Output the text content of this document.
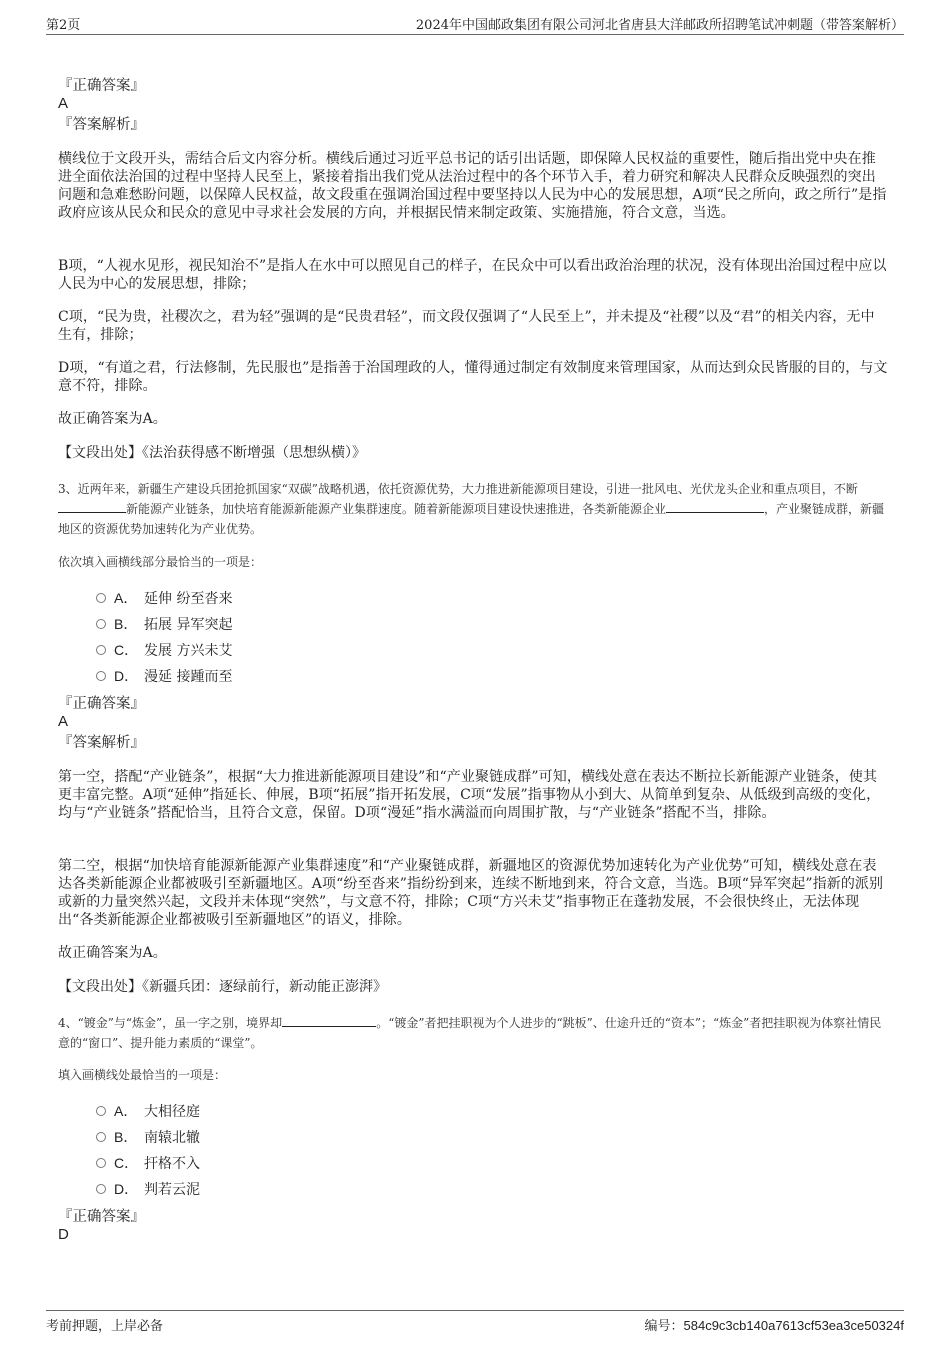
第2页	2024年中国邮政集团有限公司河北省唐县大洋邮政所招聘笔试冲刺题（带答案解析）
『正确答案』
A
『答案解析』
横线位于文段开头，需结合后文内容分析。横线后通过习近平总书记的话引出话题，即保障人民权益的重要性，随后指出党中央在推进全面依法治国的过程中坚持人民至上，紧接着指出我们党从法治过程中的各个环节入手，着力研究和解决人民群众反映强烈的突出问题和急难愁盼问题，以保障人民权益，故文段重在强调治国过程中要坚持以人民为中心的发展思想，A项“民之所向，政之所行”是指政府应该从民众和民众的意见中寻求社会发展的方向，并根据民情来制定政策、实施措施，符合文意，当选。
B项，“人视水见形，视民知治不”是指人在水中可以照见自己的样子，在民众中可以看出政治治理的状况，没有体现出治国过程中应以人民为中心的发展思想，排除；
C项，“民为贵，社稷次之，君为轻”强调的是“民贵君轻”，而文段仅强调了“人民至上”，并未提及“社稷”以及“君”的相关内容，无中生有，排除；
D项，“有道之君，行法修制，先民服也”是指善于治国理政的人，懂得通过制定有效制度来管理国家，从而达到众民皆服的目的，与文意不符，排除。
故正确答案为A。
【文段出处】《法治获得感不断增强（思想纵横）》
3、近两年来，新疆生产建设兵团抢抓国家“双碳”战略机遇，依托资源优势，大力推进新能源项目建设，引进一批风电、光伏龙头企业和重点项目，不断新能源产业链条，加快培育能源新能源产业集群速度。随着新能源项目建设快速推进，各类新能源企业	，产业聚链成群，新疆地区的资源优势加速转化为产业优势。
依次填入画横线部分最恰当的一项是：
A． 延伸 纷至沓来
B． 拓展 异军突起
C． 发展 方兴未艾
D． 漫延 接踵而至
『正确答案』
A
『答案解析』
第一空，搭配“产业链条”，根据“大力推进新能源项目建设”和“产业聚链成群”可知，横线处意在表达不断拉长新能源产业链条，使其更丰富完整。A项“延伸”指延长、伸展，B项“拓展”指开拓发展，C项“发展”指事物从小到大、从简单到复杂、从低级到高级的变化，均与“产业链条”搭配恰当，且符合文意，保留。D项“漫延”指水满溢而向周围扩散，与“产业链条”搭配不当，排除。
第二空，根据“加快培育能源新能源产业集群速度”和“产业聚链成群，新疆地区的资源优势加速转化为产业优势”可知，横线处意在表达各类新能源企业都被吸引至新疆地区。A项“纷至沓来”指纷纷到来，连续不断地到来，符合文意，当选。B项“异军突起”指新的派别或新的力量突然兴起，文段并未体现“突然”，与文意不符，排除；C项“方兴未艾”指事物正在蓬勃发展，不会很快终止，无法体现出“各类新能源企业都被吸引至新疆地区”的语义，排除。
故正确答案为A。
【文段出处】《新疆兵团：逐绿前行，新动能正澎湃》
4、“镀金”与“炼金”，虽一字之别，境界却	。“镀金”者把挂职视为个人进步的“跳板”、仕途升迁的“资本”；“炼金”者把挂职视为体察社情民意的“窗口”、提升能力素质的“课堂”。
填入画横线处最恰当的一项是：
A． 大相径庭
B． 南辕北辙
C． 扞格不入
D． 判若云泥
『正确答案』
D
考前押题，上岸必备	编号：584c9c3cb140a7613cf53ea3ce50324f
